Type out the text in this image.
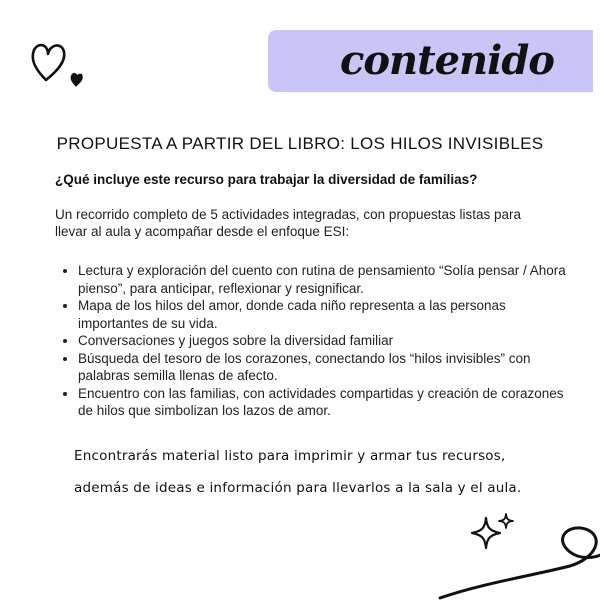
contenido
PROPUESTA A PARTIR DEL LIBRO: LOS HILOS INVISIBLES
¿Qué incluye este recurso para trabajar la diversidad de familias?

Un recorrido completo de 5 actividades integradas, con propuestas listas para llevar al aula y acompañar desde el enfoque ESI:

• Lectura y exploración del cuento con rutina de pensamiento “Solía pensar / Ahora pienso”, para anticipar, reflexionar y resignificar.
• Mapa de los hilos del amor, donde cada niño representa a las personas importantes de su vida.
• Conversaciones y juegos sobre la diversidad familiar
• Búsqueda del tesoro de los corazones, conectando los “hilos invisibles” con palabras semilla llenas de afecto.
• Encuentro con las familias, con actividades compartidas y creación de corazones de hilos que simbolizan los lazos de amor.

Encontrarás material listo para imprimir y armar tus recursos, además de ideas e información para llevarlos a la sala y el aula.
